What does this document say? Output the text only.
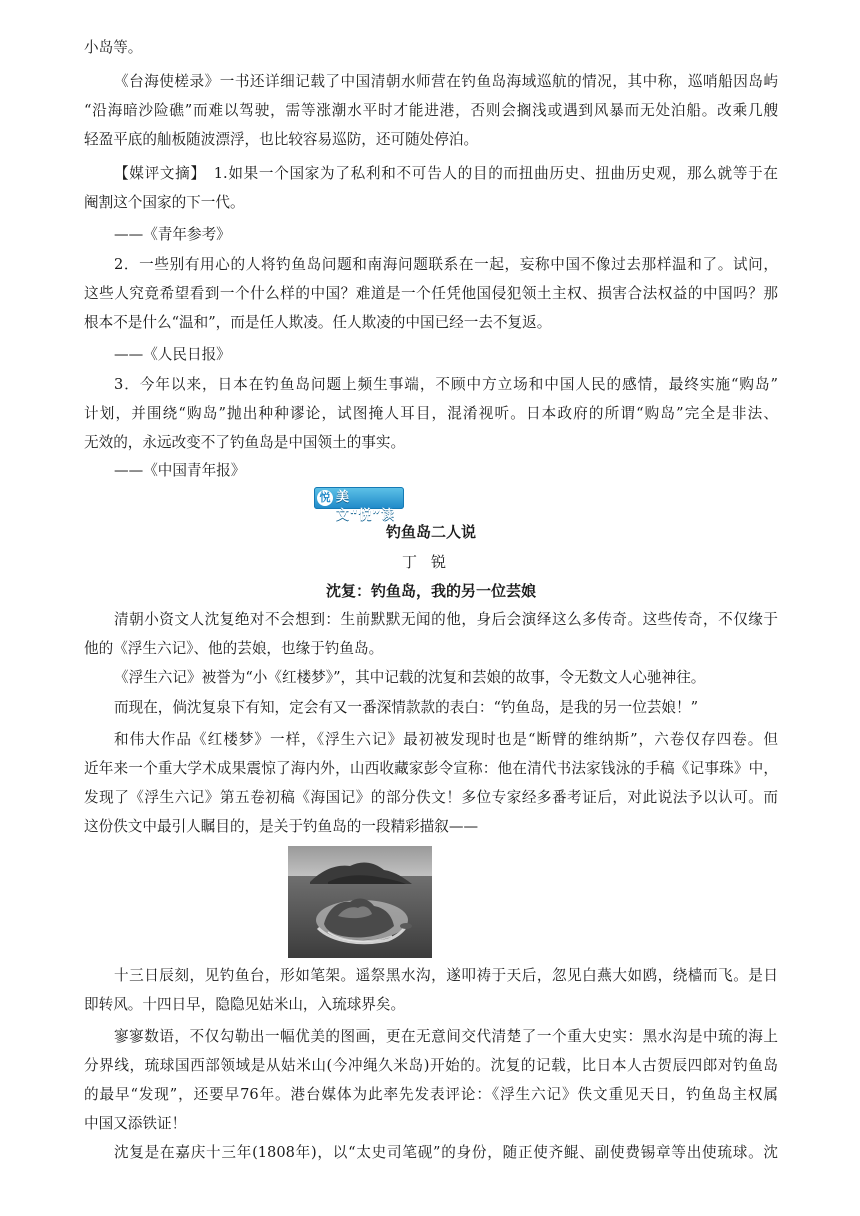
小岛等。
《台海使槎录》一书还详细记载了中国清朝水师营在钓鱼岛海域巡航的情况，其中称，巡哨船因岛屿
“沿海暗沙险礁”而难以驾驶，需等涨潮水平时才能进港，否则会搁浅或遇到风暴而无处泊船。改乘几艘
轻盈平底的舢板随波漂浮，也比较容易巡防，还可随处停泊。
【媒评文摘】　1.如果一个国家为了私利和不可告人的目的而扭曲历史、扭曲历史观，那么就等于在
阉割这个国家的下一代。
——《青年参考》
2．一些别有用心的人将钓鱼岛问题和南海问题联系在一起，妄称中国不像过去那样温和了。试问，
这些人究竟希望看到一个什么样的中国？难道是一个任凭他国侵犯领土主权、损害合法权益的中国吗？那
根本不是什么“温和”，而是任人欺凌。任人欺凌的中国已经一去不复返。
——《人民日报》
3．今年以来，日本在钓鱼岛问题上频生事端，不顾中方立场和中国人民的感情，最终实施“购岛”
计划，并围绕“购岛”抛出种种谬论，试图掩人耳目，混淆视听。日本政府的所谓“购岛”完全是非法、
无效的，永远改变不了钓鱼岛是中国领土的事实。
——《中国青年报》
悦 美文“悦”读
钓鱼岛二人说
丁锐
沈复：钓鱼岛，我的另一位芸娘
清朝小资文人沈复绝对不会想到：生前默默无闻的他，身后会演绎这么多传奇。这些传奇，不仅缘于
他的《浮生六记》、他的芸娘，也缘于钓鱼岛。
《浮生六记》被誉为“小《红楼梦》”，其中记载的沈复和芸娘的故事，令无数文人心驰神往。
而现在，倘沈复泉下有知，定会有又一番深情款款的表白：“钓鱼岛，是我的另一位芸娘！”
和伟大作品《红楼梦》一样，《浮生六记》最初被发现时也是“断臂的维纳斯”，六卷仅存四卷。但
近年来一个重大学术成果震惊了海内外，山西收藏家彭令宣称：他在清代书法家钱泳的手稿《记事珠》中，
发现了《浮生六记》第五卷初稿《海国记》的部分佚文！多位专家经多番考证后，对此说法予以认可。而
这份佚文中最引人瞩目的，是关于钓鱼岛的一段精彩描叙——
十三日辰刻，见钓鱼台，形如笔架。遥祭黑水沟，遂叩祷于天后，忽见白燕大如鸥，绕樯而飞。是日
即转风。十四日早，隐隐见姑米山，入琉球界矣。
寥寥数语，不仅勾勒出一幅优美的图画，更在无意间交代清楚了一个重大史实：黑水沟是中琉的海上
分界线，琉球国西部领域是从姑米山(今冲绳久米岛)开始的。沈复的记载，比日本人古贺辰四郎对钓鱼岛
的最早“发现”，还要早76年。港台媒体为此率先发表评论：《浮生六记》佚文重见天日，钓鱼岛主权属
中国又添铁证！
沈复是在嘉庆十三年(1808年)，以“太史司笔砚”的身份，随正使齐鲲、副使费锡章等出使琉球。沈
